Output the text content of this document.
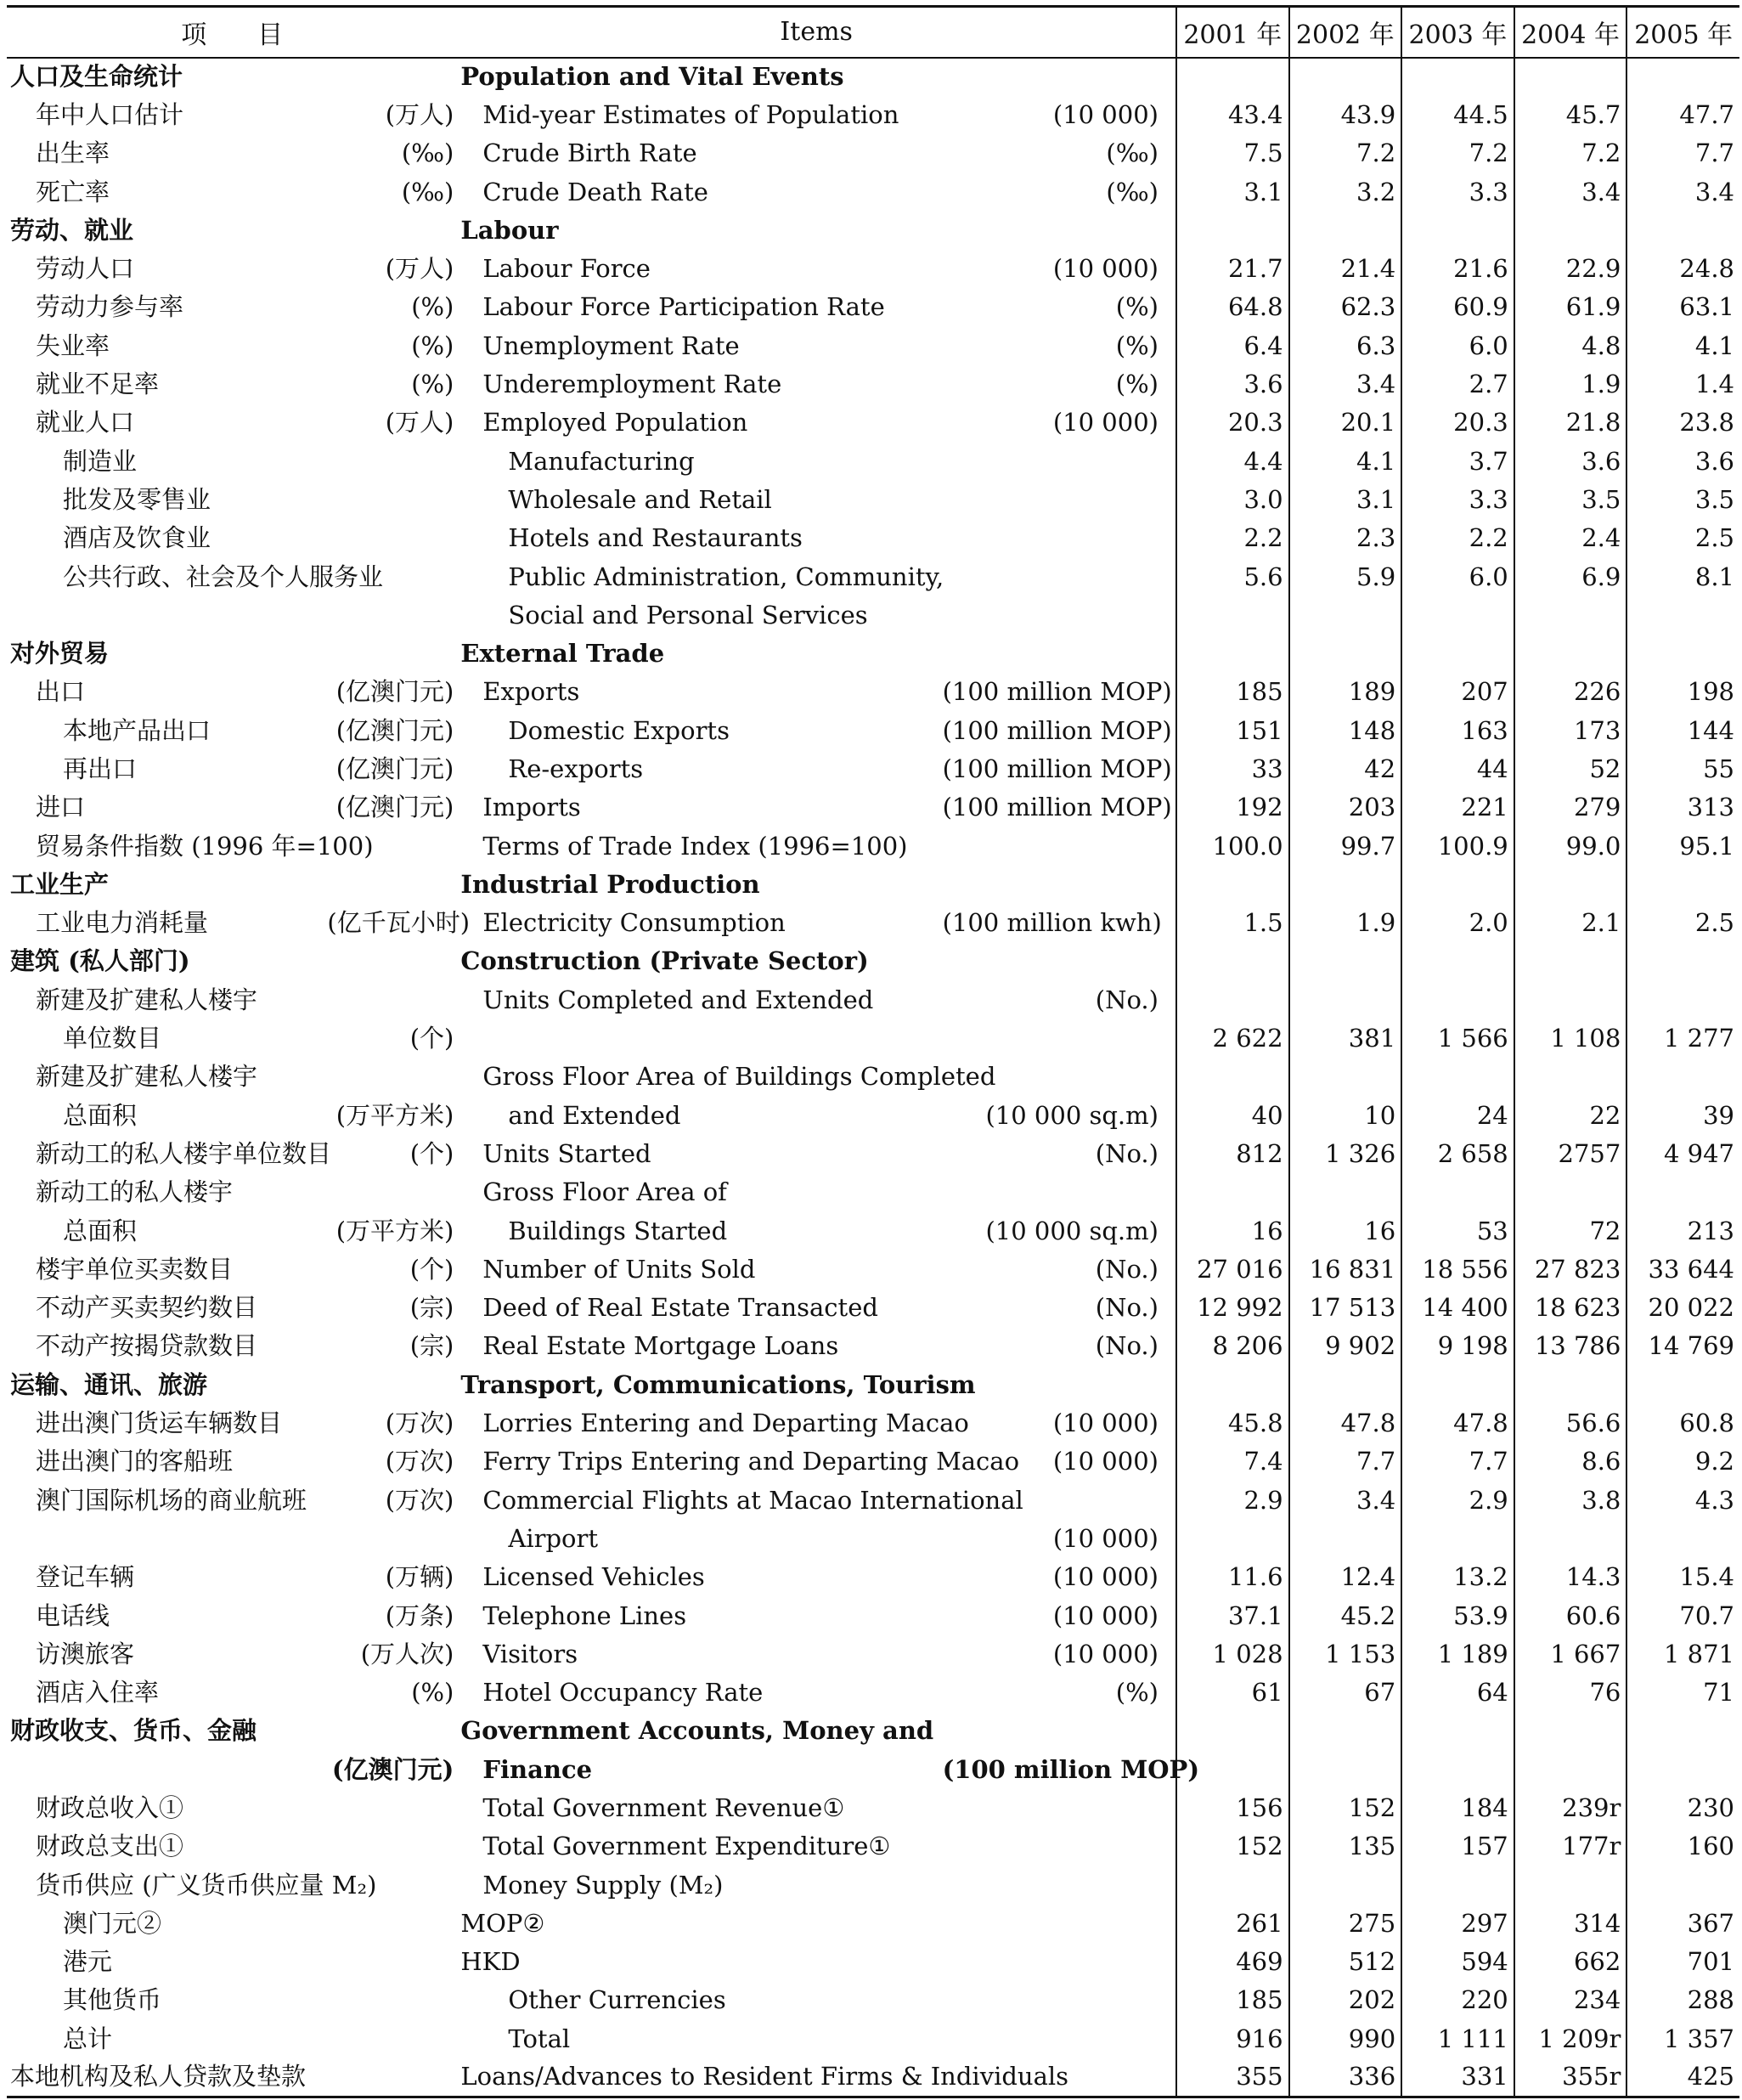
项　　目		Items		2001 年	2002 年	2003 年	2004 年	2005 年
人口及生命统计		Population and Vital Events						
年中人口估计	(万人)	Mid-year Estimates of Population	(10 000)	43.4	43.9	44.5	45.7	47.7
出生率	(‰)	Crude Birth Rate	(‰)	7.5	7.2	7.2	7.2	7.7
死亡率	(‰)	Crude Death Rate	(‰)	3.1	3.2	3.3	3.4	3.4
劳动、就业		Labour						
劳动人口	(万人)	Labour Force	(10 000)	21.7	21.4	21.6	22.9	24.8
劳动力参与率	(%)	Labour Force Participation Rate	(%)	64.8	62.3	60.9	61.9	63.1
失业率	(%)	Unemployment Rate	(%)	6.4	6.3	6.0	4.8	4.1
就业不足率	(%)	Underemployment Rate	(%)	3.6	3.4	2.7	1.9	1.4
就业人口	(万人)	Employed Population	(10 000)	20.3	20.1	20.3	21.8	23.8
制造业		Manufacturing		4.4	4.1	3.7	3.6	3.6
批发及零售业		Wholesale and Retail		3.0	3.1	3.3	3.5	3.5
酒店及饮食业		Hotels and Restaurants		2.2	2.3	2.2	2.4	2.5
公共行政、社会及个人服务业		Public Administration, Community,		5.6	5.9	6.0	6.9	8.1
		Social and Personal Services						
对外贸易		External Trade						
出口	(亿澳门元)	Exports	(100 million MOP)	185	189	207	226	198
本地产品出口	(亿澳门元)	Domestic Exports	(100 million MOP)	151	148	163	173	144
再出口	(亿澳门元)	Re-exports	(100 million MOP)	33	42	44	52	55
进口	(亿澳门元)	Imports	(100 million MOP)	192	203	221	279	313
贸易条件指数 (1996 年=100)		Terms of Trade Index (1996=100)		100.0	99.7	100.9	99.0	95.1
工业生产		Industrial Production						
工业电力消耗量	(亿千瓦小时)	Electricity Consumption	(100 million kwh)	1.5	1.9	2.0	2.1	2.5
建筑 (私人部门)		Construction (Private Sector)						
新建及扩建私人楼宇		Units Completed and Extended	(No.)					
单位数目	(个)			2 622	381	1 566	1 108	1 277
新建及扩建私人楼宇		Gross Floor Area of Buildings Completed						
总面积	(万平方米)	and Extended	(10 000 sq.m)	40	10	24	22	39
新动工的私人楼宇单位数目	(个)	Units Started	(No.)	812	1 326	2 658	2757	4 947
新动工的私人楼宇		Gross Floor Area of						
总面积	(万平方米)	Buildings Started	(10 000 sq.m)	16	16	53	72	213
楼宇单位买卖数目	(个)	Number of Units Sold	(No.)	27 016	16 831	18 556	27 823	33 644
不动产买卖契约数目	(宗)	Deed of Real Estate Transacted	(No.)	12 992	17 513	14 400	18 623	20 022
不动产按揭贷款数目	(宗)	Real Estate Mortgage Loans	(No.)	8 206	9 902	9 198	13 786	14 769
运输、通讯、旅游		Transport, Communications, Tourism						
进出澳门货运车辆数目	(万次)	Lorries Entering and Departing Macao	(10 000)	45.8	47.8	47.8	56.6	60.8
进出澳门的客船班	(万次)	Ferry Trips Entering and Departing Macao	(10 000)	7.4	7.7	7.7	8.6	9.2
澳门国际机场的商业航班	(万次)	Commercial Flights at Macao International		2.9	3.4	2.9	3.8	4.3
		Airport	(10 000)					
登记车辆	(万辆)	Licensed Vehicles	(10 000)	11.6	12.4	13.2	14.3	15.4
电话线	(万条)	Telephone Lines	(10 000)	37.1	45.2	53.9	60.6	70.7
访澳旅客	(万人次)	Visitors	(10 000)	1 028	1 153	1 189	1 667	1 871
酒店入住率	(%)	Hotel Occupancy Rate	(%)	61	67	64	76	71
财政收支、货币、金融		Government Accounts, Money and						
	(亿澳门元)	Finance	(100 million MOP)					
财政总收入①		Total Government Revenue①		156	152	184	239r	230
财政总支出①		Total Government Expenditure①		152	135	157	177r	160
货币供应 (广义货币供应量 M₂)		Money Supply (M₂)						
澳门元②		MOP②		261	275	297	314	367
港元		HKD		469	512	594	662	701
其他货币		Other Currencies		185	202	220	234	288
总计		Total		916	990	1 111	1 209r	1 357
本地机构及私人贷款及垫款		Loans/Advances to Resident Firms & Individuals		355	336	331	355r	425
